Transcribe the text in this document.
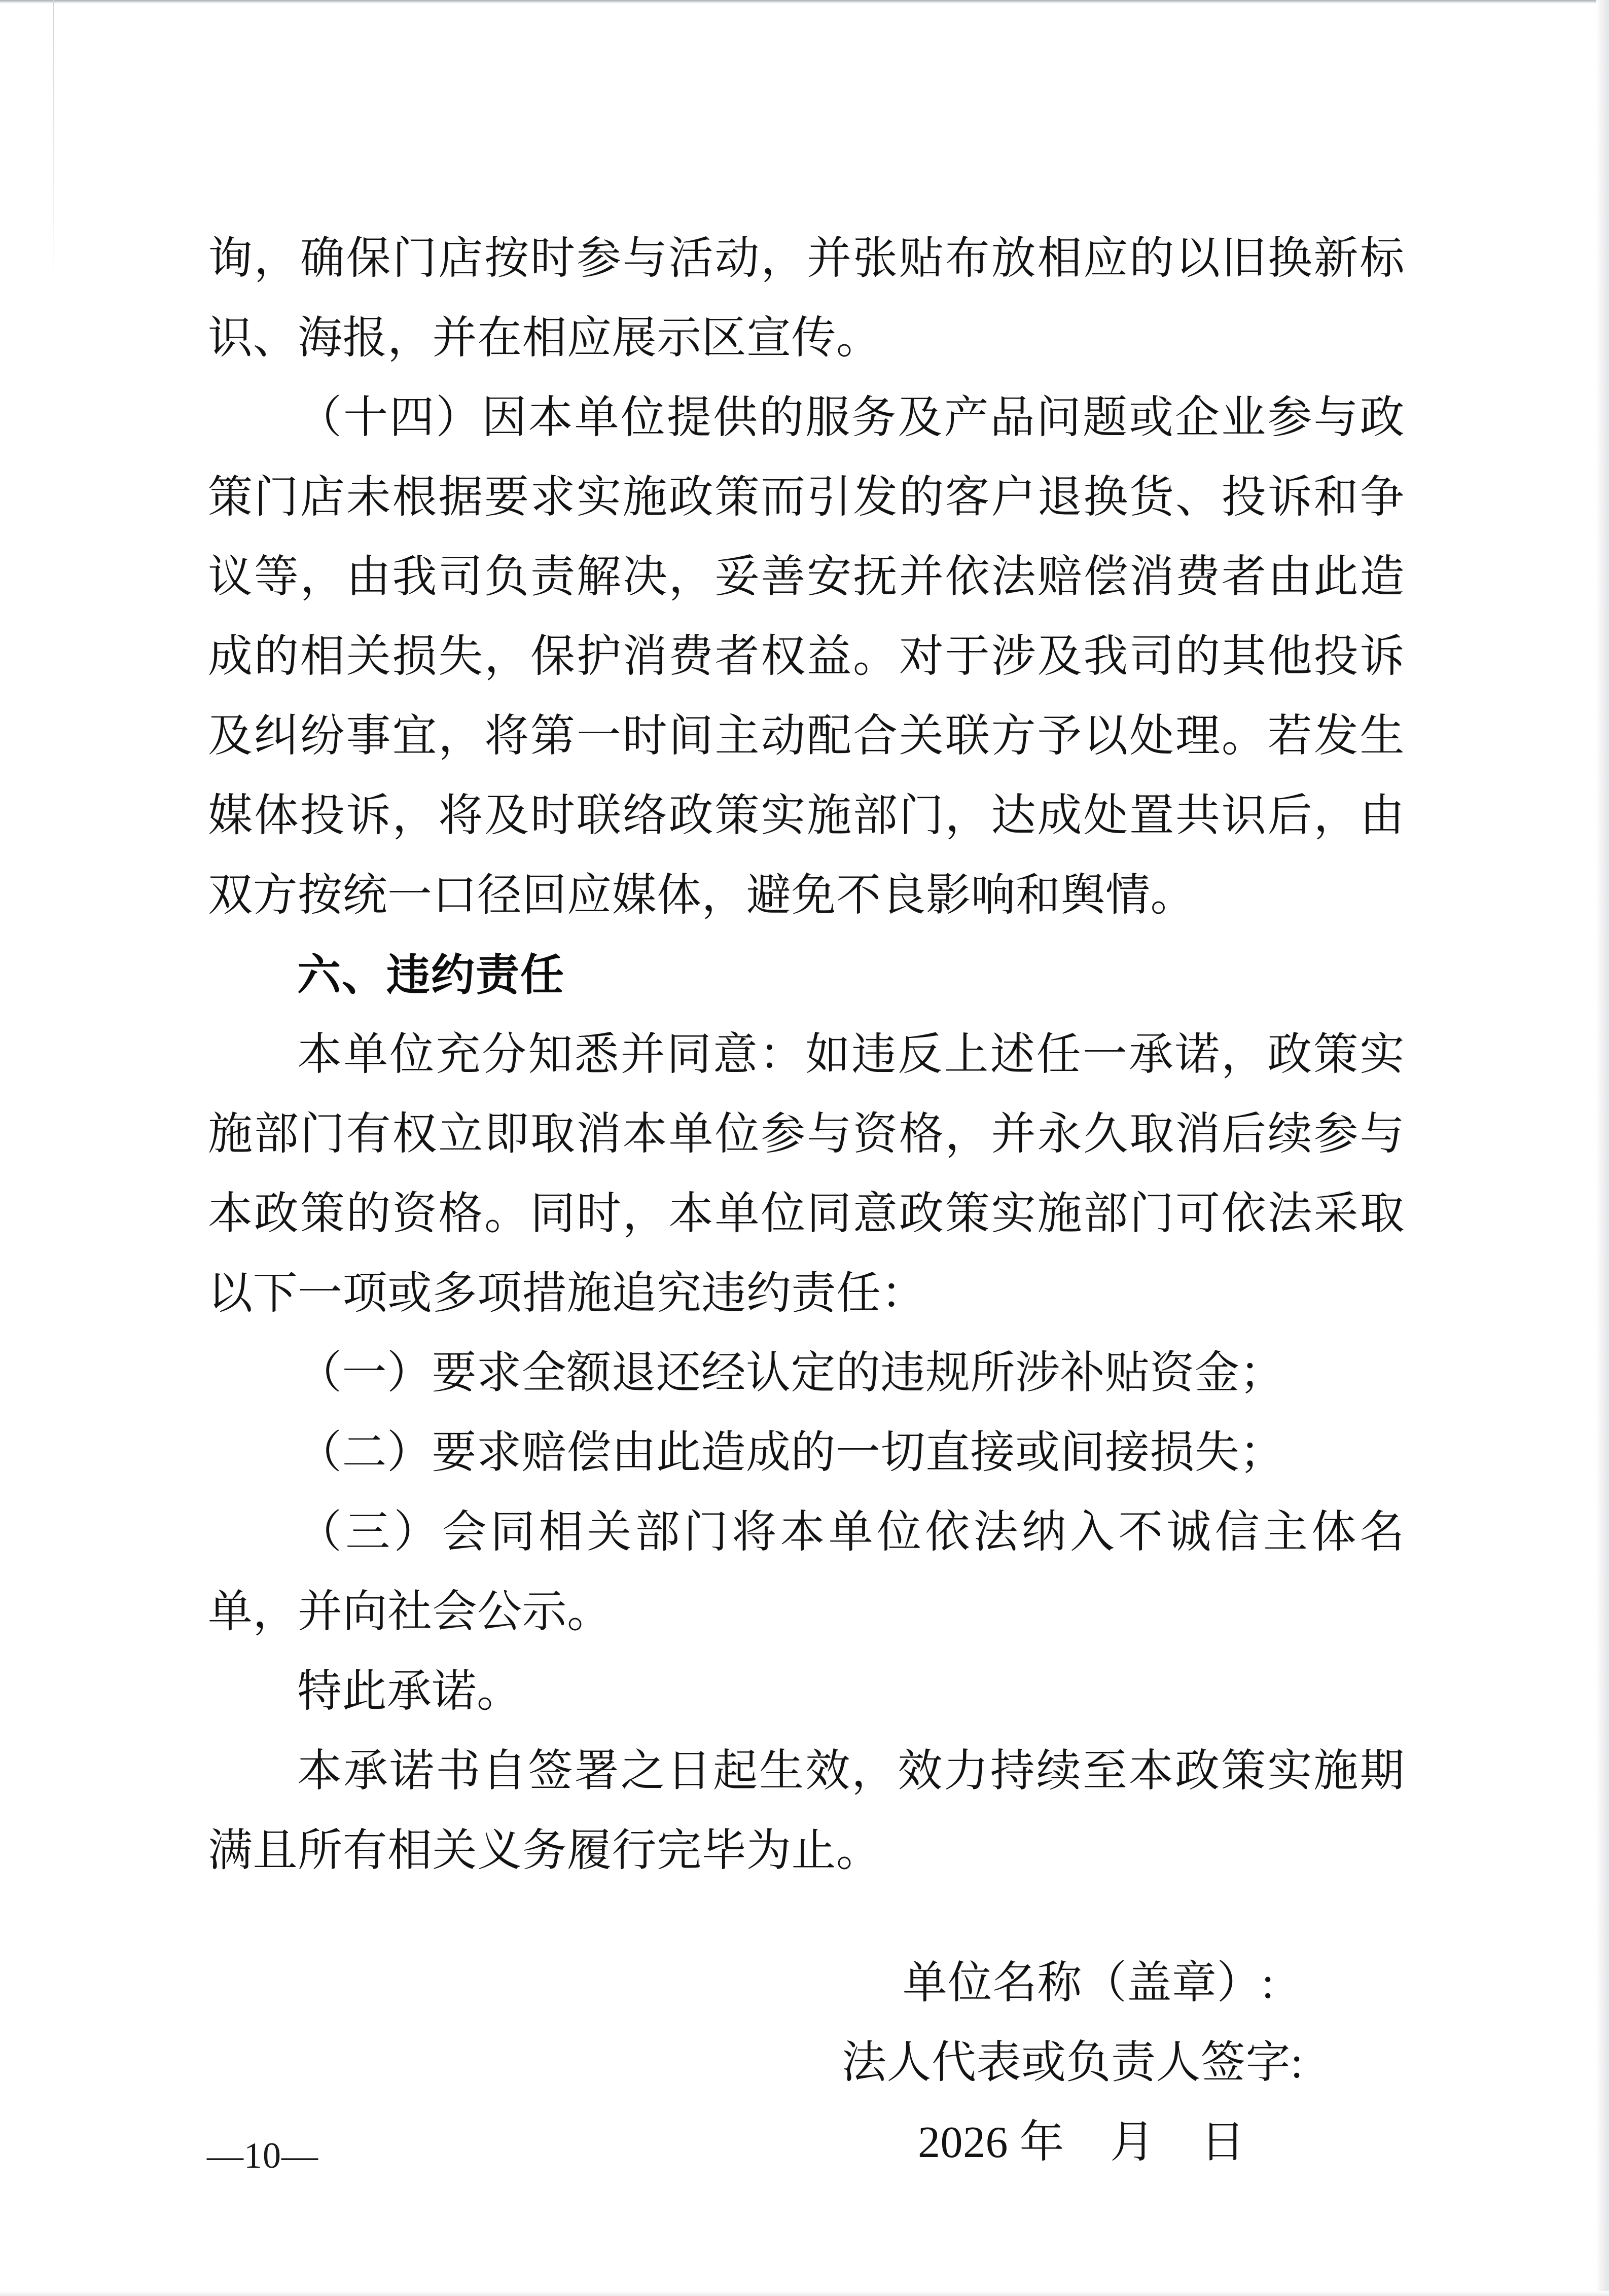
询，确保门店按时参与活动，并张贴布放相应的以旧换新标识、海报，并在相应展示区宣传。

（十四）因本单位提供的服务及产品问题或企业参与政策门店未根据要求实施政策而引发的客户退换货、投诉和争议等，由我司负责解决，妥善安抚并依法赔偿消费者由此造成的相关损失，保护消费者权益。对于涉及我司的其他投诉及纠纷事宜，将第一时间主动配合关联方予以处理。若发生媒体投诉，将及时联络政策实施部门，达成处置共识后，由双方按统一口径回应媒体，避免不良影响和舆情。

六、违约责任

本单位充分知悉并同意：如违反上述任一承诺，政策实施部门有权立即取消本单位参与资格，并永久取消后续参与本政策的资格。同时，本单位同意政策实施部门可依法采取以下一项或多项措施追究违约责任：

（一）要求全额退还经认定的违规所涉补贴资金；

（二）要求赔偿由此造成的一切直接或间接损失；

（三）会同相关部门将本单位依法纳入不诚信主体名单，并向社会公示。

特此承诺。

本承诺书自签署之日起生效，效力持续至本政策实施期满且所有相关义务履行完毕为止。

单位名称（盖章）:

法人代表或负责人签字:

2026 年    月    日

—10—
